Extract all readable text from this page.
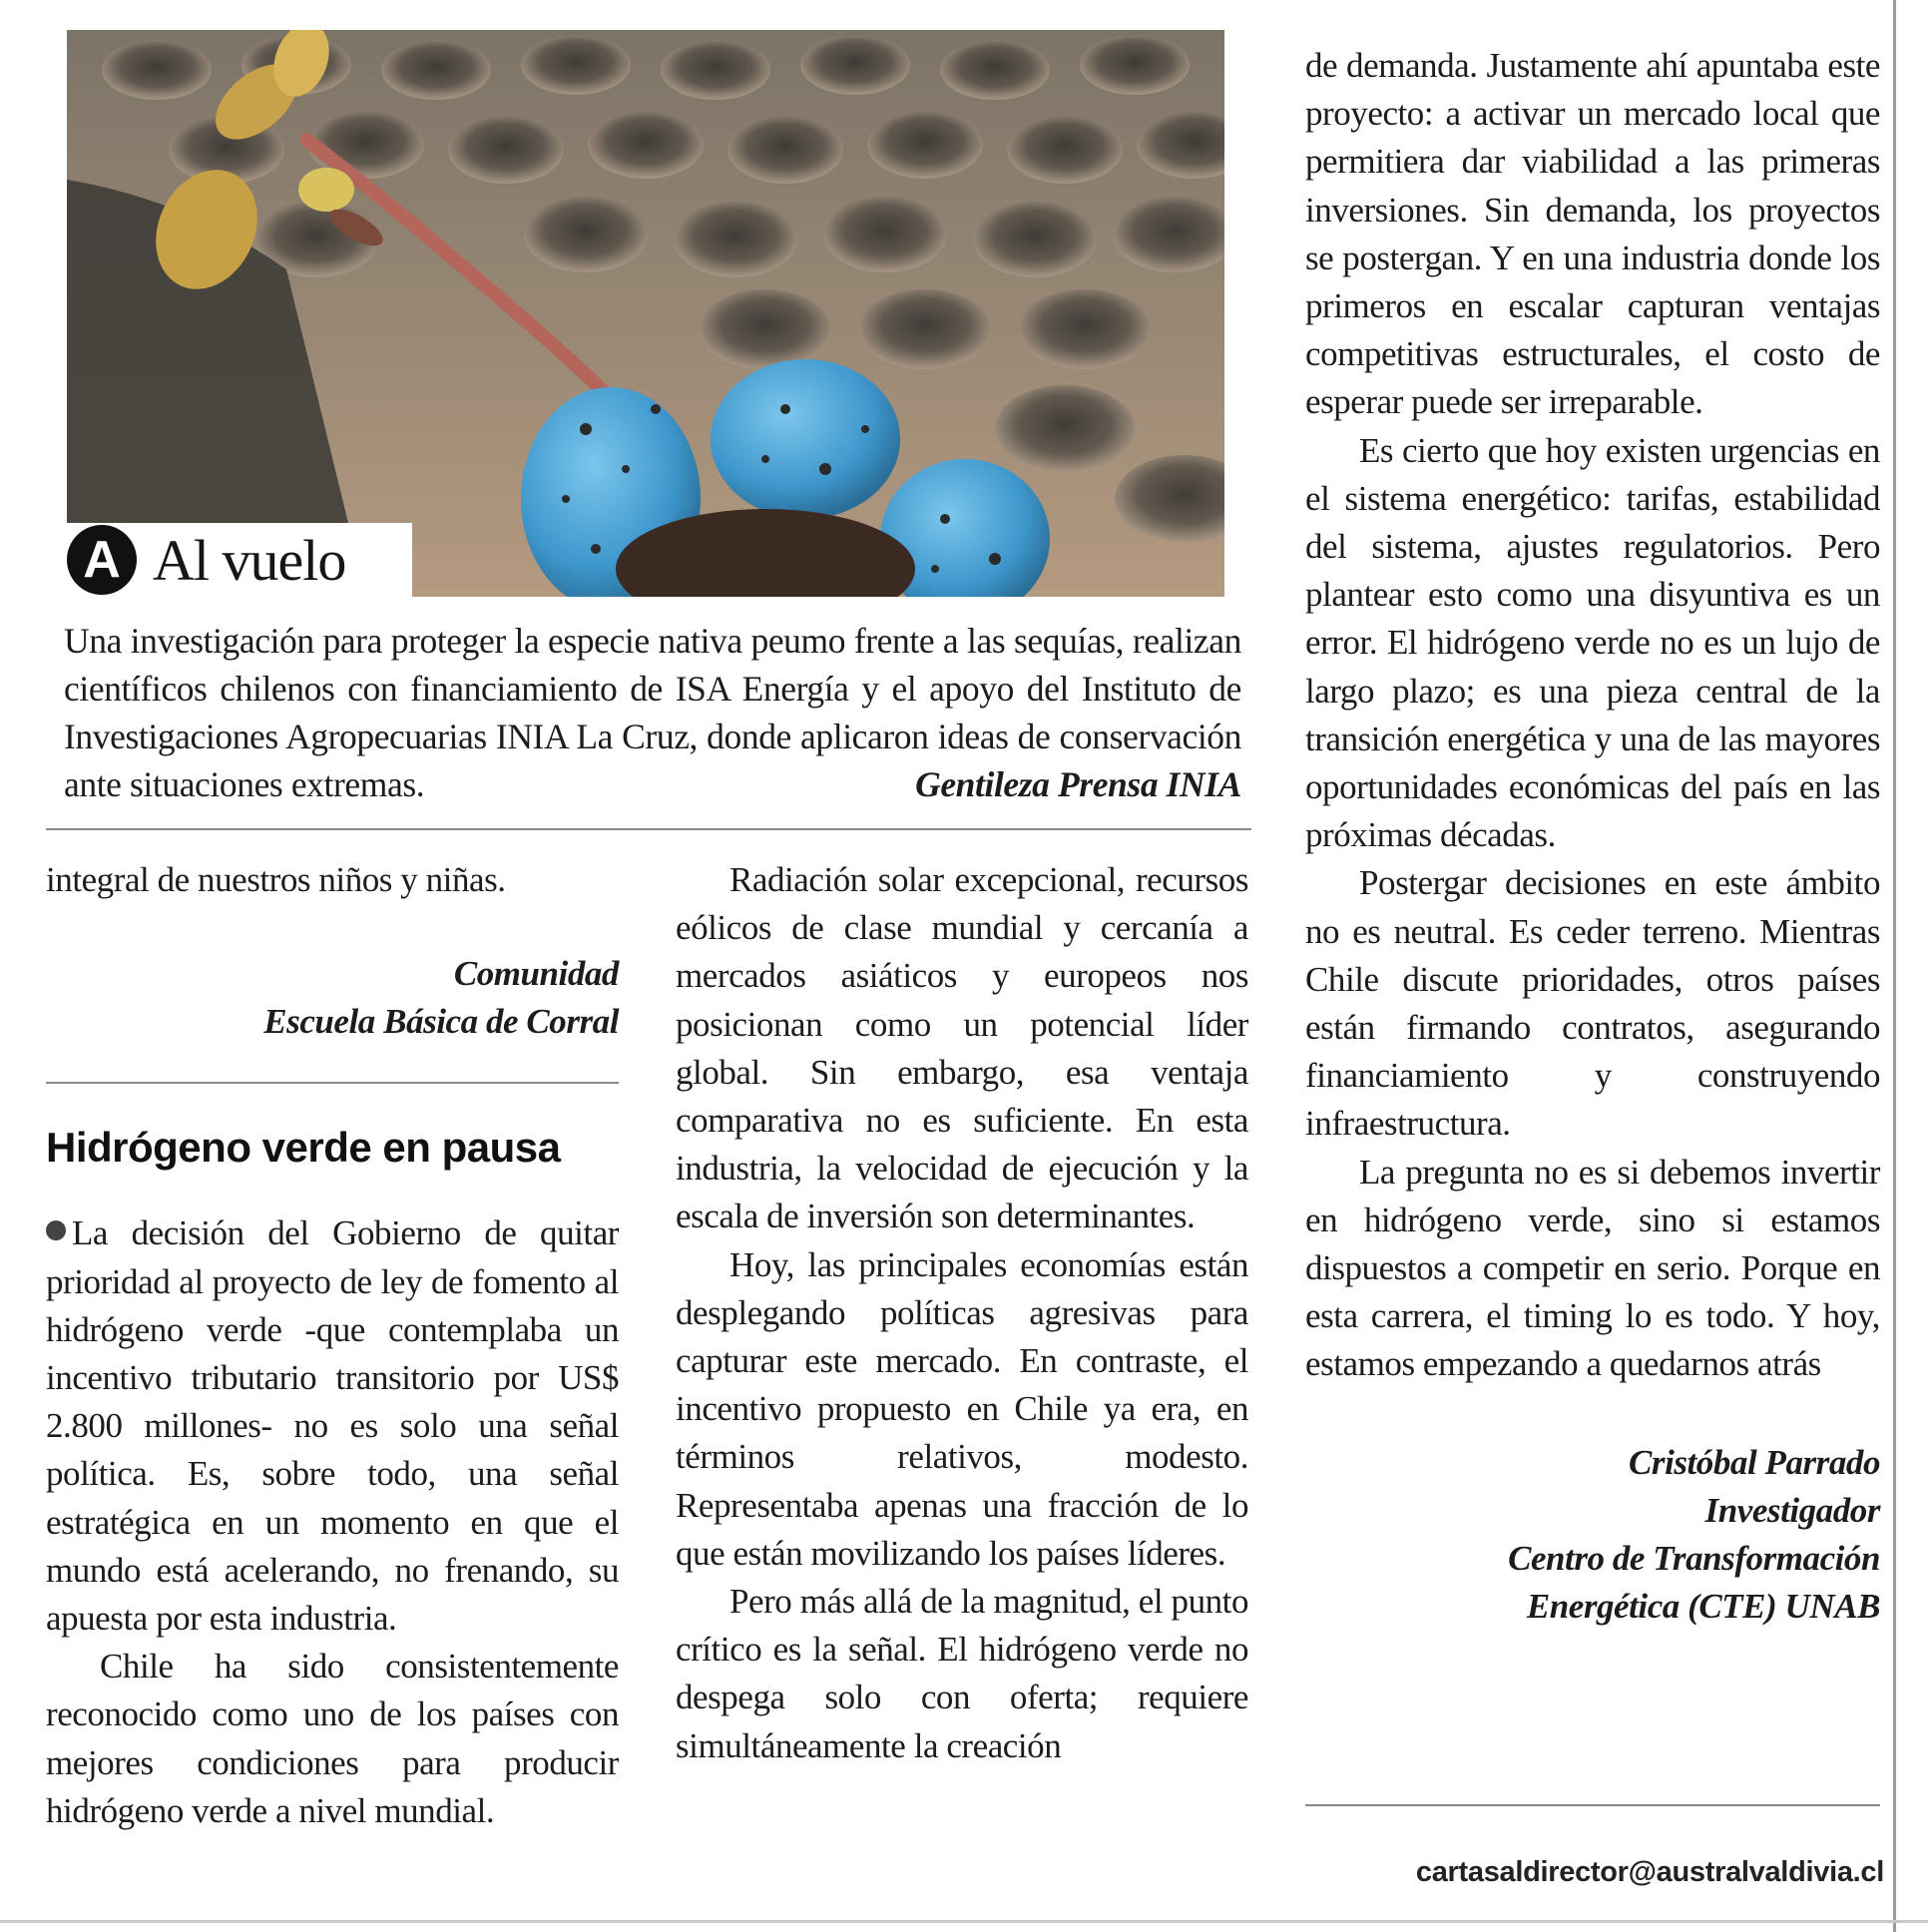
A Al vuelo
Una investigación para proteger la especie nativa peumo frente a las sequías, realizan científicos chilenos con financiamiento de ISA Energía y el apoyo del Instituto de Investigaciones Agropecuarias INIA La Cruz, donde aplicaron ideas de conservación ante situaciones extremas.	Gentileza Prensa INIA

integral de nuestros niños y niñas.

Comunidad
Escuela Básica de Corral
Hidrógeno verde en pausa

La decisión del Gobierno de quitar prioridad al proyecto de ley de fomento al hidrógeno verde -que contemplaba un incentivo tributario transitorio por US$ 2.800 millones- no es solo una señal política. Es, sobre todo, una señal estratégica en un momento en que el mundo está acelerando, no frenando, su apuesta por esta industria.

Chile ha sido consistentemente reconocido como uno de los países con mejores condiciones para producir hidrógeno verde a nivel mundial.

Radiación solar excepcional, recursos eólicos de clase mundial y cercanía a mercados asiáticos y europeos nos posicionan como un potencial líder global. Sin embargo, esa ventaja comparativa no es suficiente. En esta industria, la velocidad de ejecución y la escala de inversión son determinantes.

Hoy, las principales economías están desplegando políticas agresivas para capturar este mercado. En contraste, el incentivo propuesto en Chile ya era, en términos relativos, modesto. Representaba apenas una fracción de lo que están movilizando los países líderes.

Pero más allá de la magnitud, el punto crítico es la señal. El hidrógeno verde no despega solo con oferta; requiere simultáneamente la creación

de demanda. Justamente ahí apuntaba este proyecto: a activar un mercado local que permitiera dar viabilidad a las primeras inversiones. Sin demanda, los proyectos se postergan. Y en una industria donde los primeros en escalar capturan ventajas competitivas estructurales, el costo de esperar puede ser irreparable.

Es cierto que hoy existen urgencias en el sistema energético: tarifas, estabilidad del sistema, ajustes regulatorios. Pero plantear esto como una disyuntiva es un error. El hidrógeno verde no es un lujo de largo plazo; es una pieza central de la transición energética y una de las mayores oportunidades económicas del país en las próximas décadas.

Postergar decisiones en este ámbito no es neutral. Es ceder terreno. Mientras Chile discute prioridades, otros países están firmando contratos, asegurando financiamiento y construyendo infraestructura.

La pregunta no es si debemos invertir en hidrógeno verde, sino si estamos dispuestos a competir en serio. Porque en esta carrera, el timing lo es todo. Y hoy, estamos empezando a quedarnos atrás

Cristóbal Parrado
Investigador
Centro de Transformación
Energética (CTE) UNAB
cartasaldirector@australvaldivia.cl
